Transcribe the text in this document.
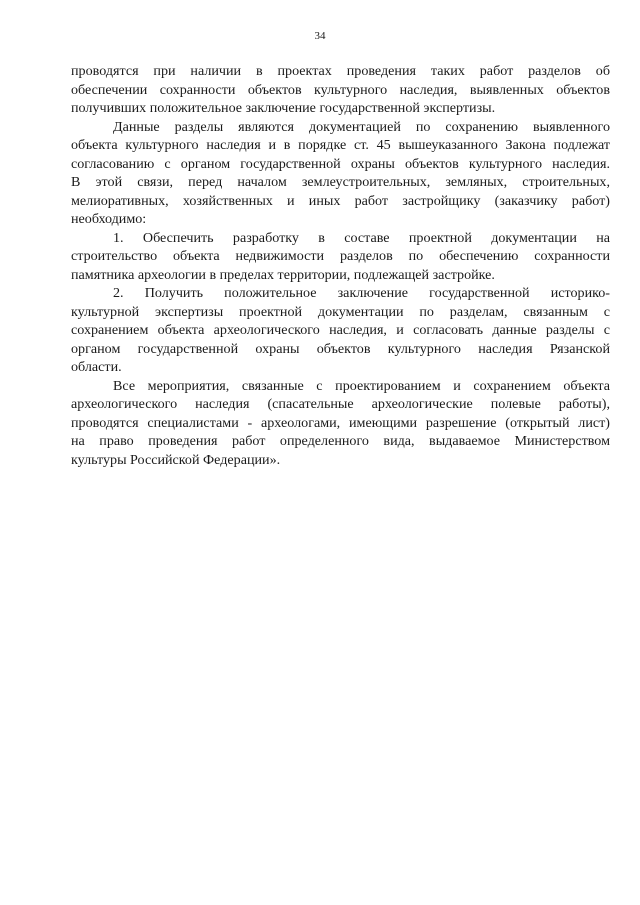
34

проводятся при наличии в проектах проведения таких работ разделов об
обеспечении сохранности объектов культурного наследия, выявленных объектов
получивших положительное заключение государственной экспертизы.

Данные разделы являются документацией по сохранению выявленного
объекта культурного наследия и в порядке ст. 45 вышеуказанного Закона подлежат
согласованию с органом государственной охраны объектов культурного наследия.
В этой связи, перед началом землеустроительных, земляных, строительных,
мелиоративных, хозяйственных и иных работ застройщику (заказчику работ)
необходимо:

1. Обеспечить разработку в составе проектной документации на
строительство объекта недвижимости разделов по обеспечению сохранности
памятника археологии в пределах территории, подлежащей застройке.

2. Получить положительное заключение государственной историко-
культурной экспертизы проектной документации по разделам, связанным с
сохранением объекта археологического наследия, и согласовать данные разделы с
органом государственной охраны объектов культурного наследия Рязанской
области.

Все мероприятия, связанные с проектированием и сохранением объекта
археологического наследия (спасательные археологические полевые работы),
проводятся специалистами - археологами, имеющими разрешение (открытый лист)
на право проведения работ определенного вида, выдаваемое Министерством
культуры Российской Федерации».
